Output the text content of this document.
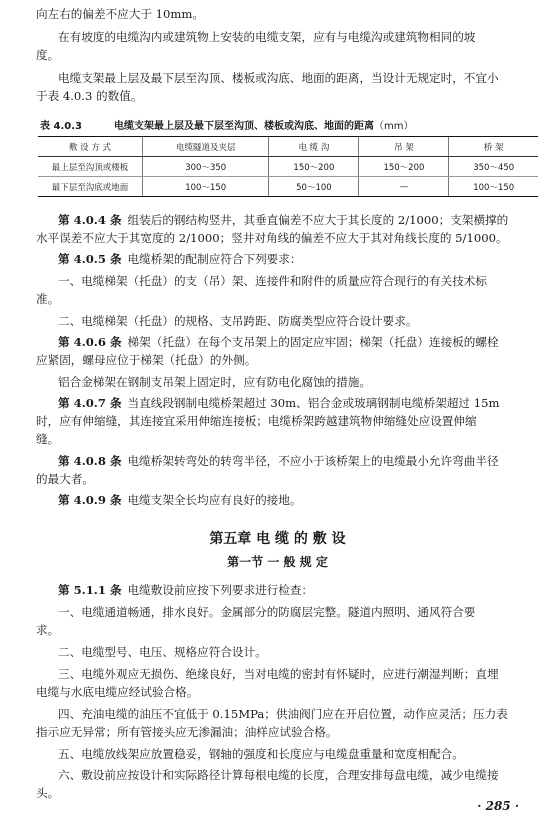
向左右的偏差不应大于 10mm。
在有坡度的电缆沟内或建筑物上安装的电缆支架，应有与电缆沟或建筑物相同的坡
度。
电缆支架最上层及最下层至沟顶、楼板或沟底、地面的距离，当设计无规定时，不宜小
于表 4.0.3 的数值。
表 4.0.3	电缆支架最上层及最下层至沟顶、楼板或沟底、地面的距离（mm）
敷 设 方 式	电缆隧道及夹层	电 缆 沟	吊 架	桥 架
最上层至沟顶或楼板	300～350	150～200	150～200	350～450
最下层至沟底或地面	100～150	50～100	—	100～150
第 4.0.4 条 组装后的钢结构竖井，其垂直偏差不应大于其长度的 2/1000；支架横撑的
水平误差不应大于其宽度的 2/1000；竖井对角线的偏差不应大于其对角线长度的 5/1000。
第 4.0.5 条 电缆桥架的配制应符合下列要求：
一、电缆梯架（托盘）的支（吊）架、连接件和附件的质量应符合现行的有关技术标
准。
二、电缆梯架（托盘）的规格、支吊跨距、防腐类型应符合设计要求。
第 4.0.6 条 梯架（托盘）在每个支吊架上的固定应牢固；梯架（托盘）连接板的螺栓
应紧固，螺母应位于梯架（托盘）的外侧。
铝合金梯架在钢制支吊架上固定时，应有防电化腐蚀的措施。
第 4.0.7 条 当直线段钢制电缆桥架超过 30m、铝合金或玻璃钢制电缆桥架超过 15m
时，应有伸缩缝，其连接宜采用伸缩连接板；电缆桥架跨越建筑物伸缩缝处应设置伸缩
缝。
第 4.0.8 条 电缆桥架转弯处的转弯半径，不应小于该桥架上的电缆最小允许弯曲半径
的最大者。
第 4.0.9 条 电缆支架全长均应有良好的接地。
第五章 电 缆 的 敷 设
第一节 一 般 规 定
第 5.1.1 条 电缆敷设前应按下列要求进行检查：
一、电缆通道畅通，排水良好。金属部分的防腐层完整。隧道内照明、通风符合要
求。
二、电缆型号、电压、规格应符合设计。
三、电缆外观应无损伤、绝缘良好，当对电缆的密封有怀疑时，应进行潮湿判断；直埋
电缆与水底电缆应经试验合格。
四、充油电缆的油压不宜低于 0.15MPa；供油阀门应在开启位置，动作应灵活；压力表
指示应无异常；所有管接头应无渗漏油；油样应试验合格。
五、电缆放线架应放置稳妥，钢轴的强度和长度应与电缆盘重量和宽度相配合。
六、敷设前应按设计和实际路径计算每根电缆的长度，合理安排每盘电缆，减少电缆接
头。
· 285 ·
